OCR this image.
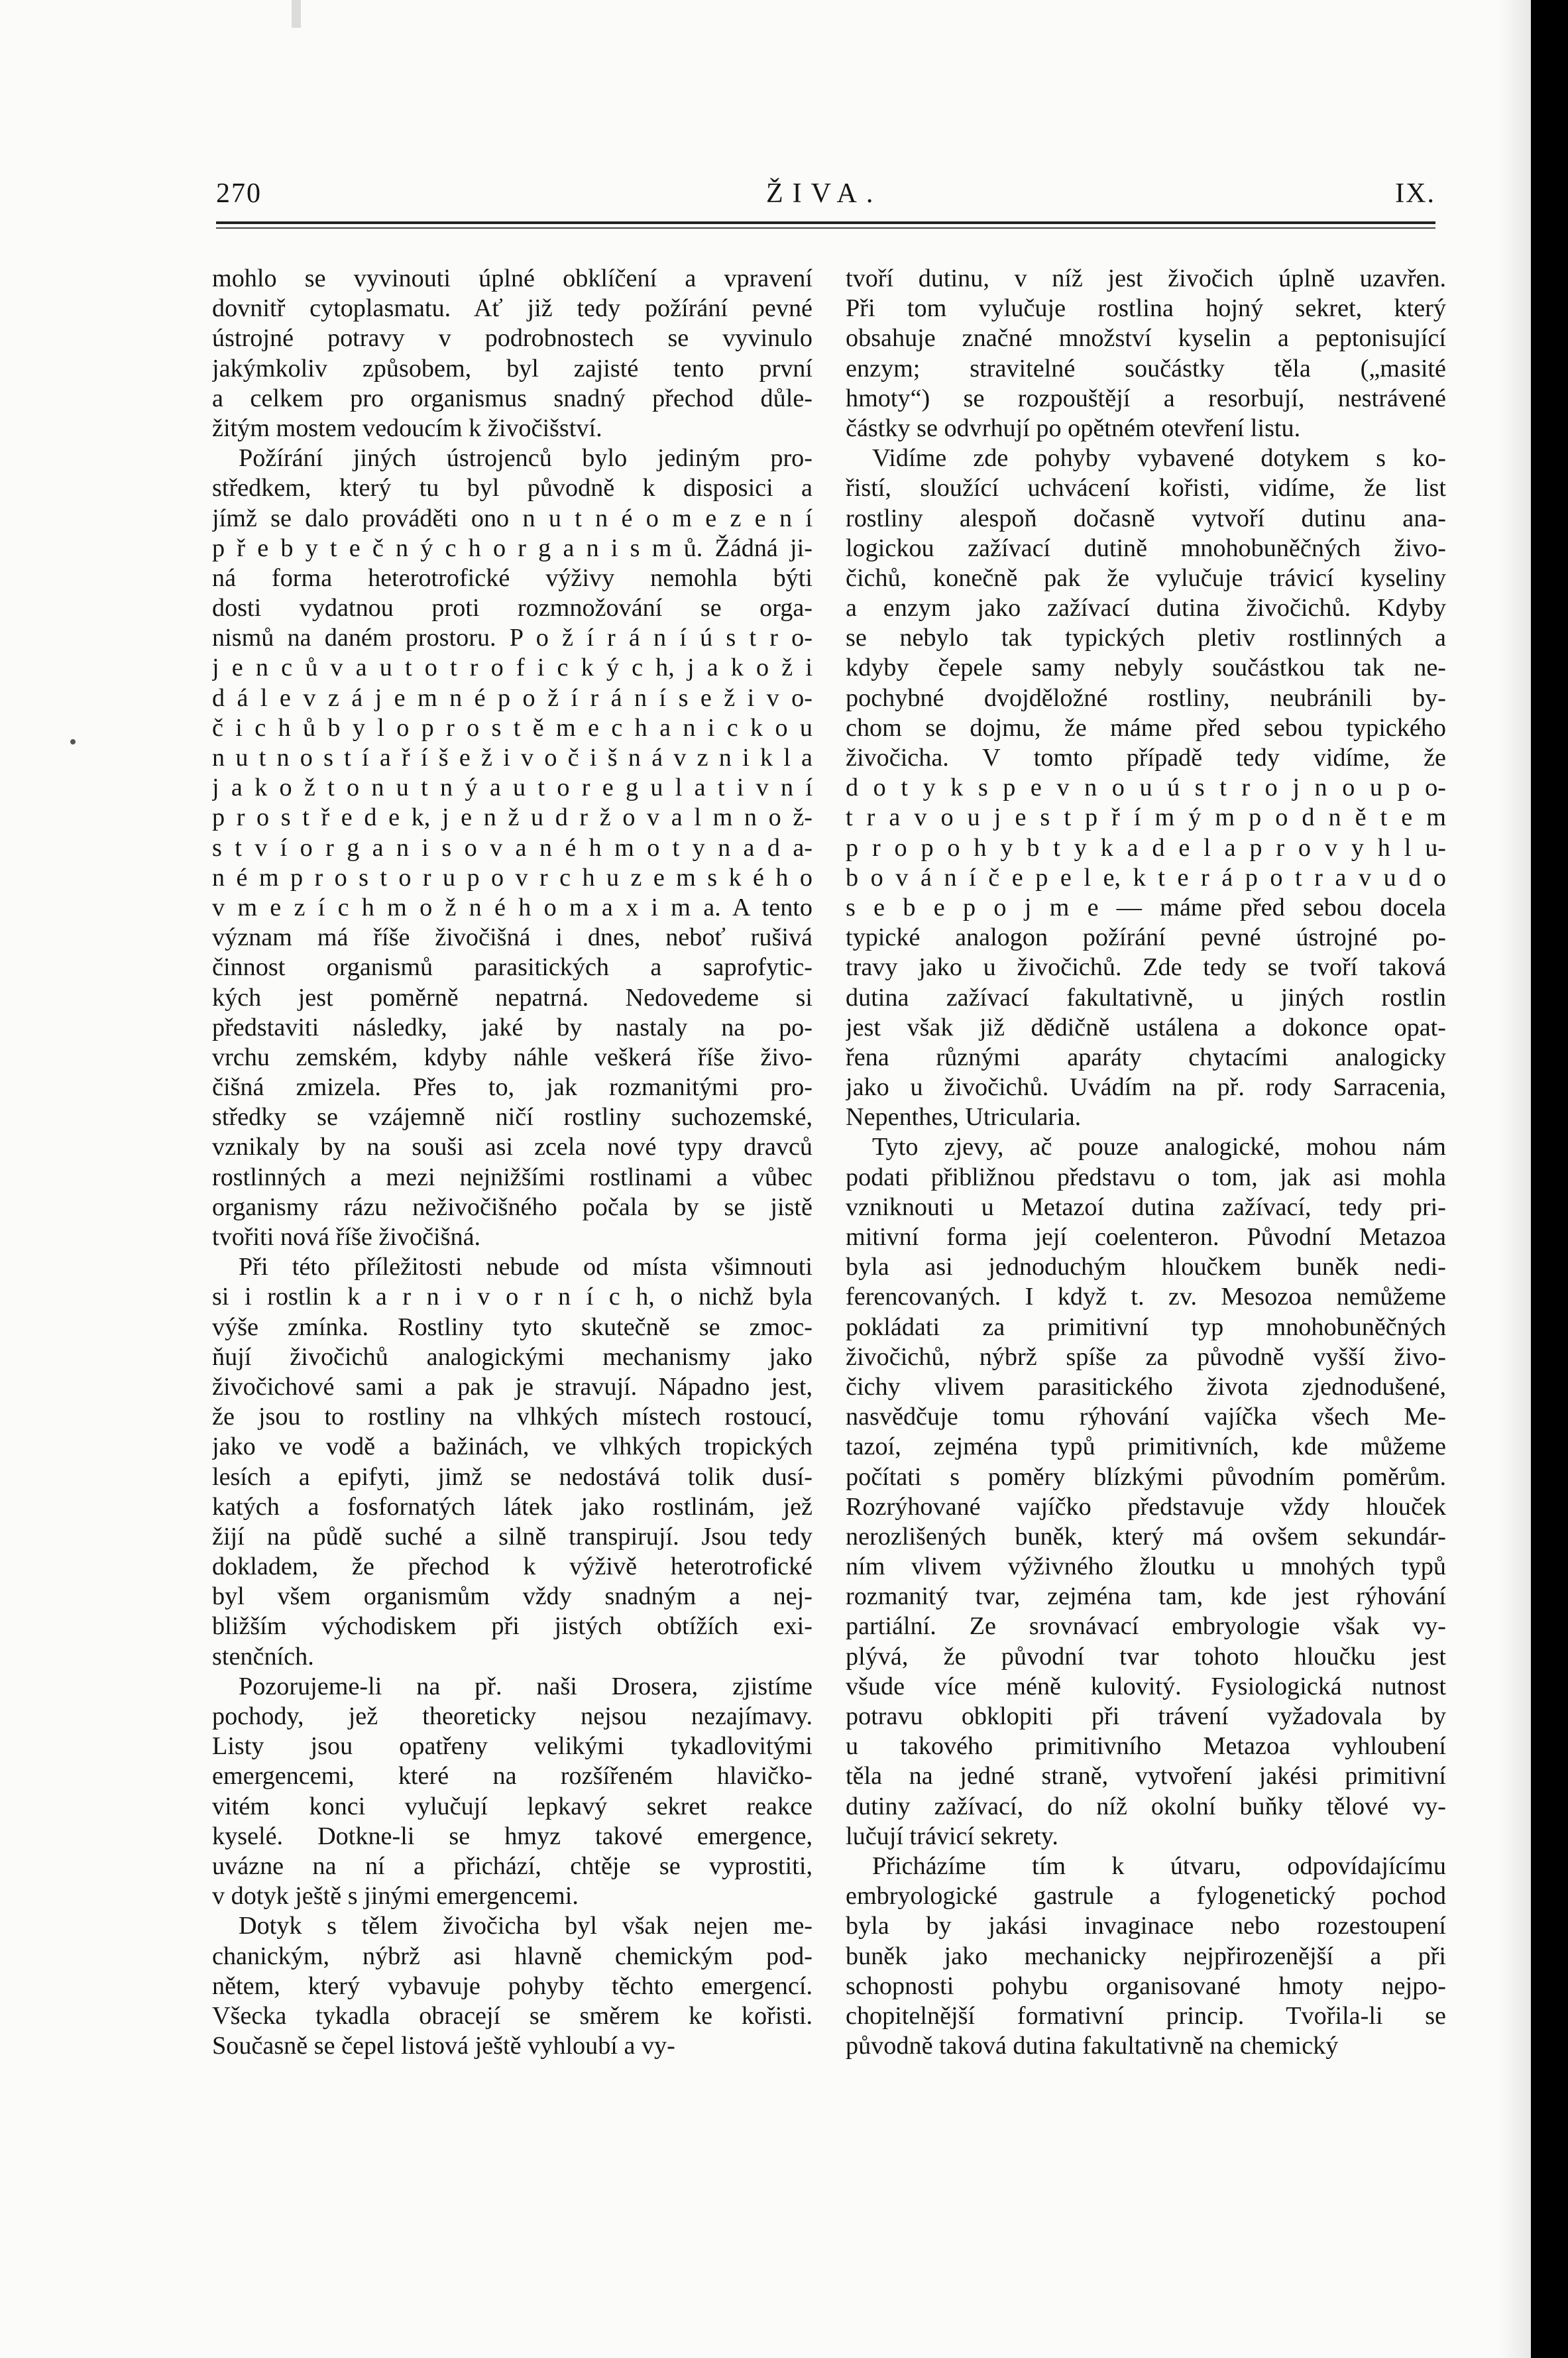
270	ŽIVA.	IX.
mohlo se vyvinouti úplné obklíčení a vpravení
dovnitř cytoplasmatu. Ať již tedy požírání pevné
ústrojné potravy v podrobnostech se vyvinulo
jakýmkoliv způsobem, byl zajisté tento první
a celkem pro organismus snadný přechod důle-
žitým mostem vedoucím k živočišství.
Požírání jiných ústrojenců bylo jediným pro-
středkem, který tu byl původně k disposici a
jímž se dalo prováděti ono n u t n é o m e z e n í
p ř e b y t e č n ý c h o r g a n i s m ů. Žádná ji-
ná forma heterotrofické výživy nemohla býti
dosti vydatnou proti rozmnožování se orga-
nismů na daném prostoru. P o ž í r á n í ú s t r o-
j e n c ů v a u t o t r o f i c k ý c h, j a k o ž i
d á l e v z á j e m n é p o ž í r á n í s e ž i v o-
č i c h ů b y l o p r o s t ě m e c h a n i c k o u
n u t n o s t í a ř í š e ž i v o č i š n á v z n i k l a
j a k o ž t o n u t n ý a u t o r e g u l a t i v n í
p r o s t ř e d e k, j e n ž u d r ž o v a l m n o ž-
s t v í o r g a n i s o v a n é h m o t y n a d a-
n é m p r o s t o r u p o v r c h u z e m s k é h o
v m e z í c h m o ž n é h o m a x i m a. A tento
význam má říše živočišná i dnes, neboť rušivá
činnost organismů parasitických a saprofytic-
kých jest poměrně nepatrná. Nedovedeme si
představiti následky, jaké by nastaly na po-
vrchu zemském, kdyby náhle veškerá říše živo-
čišná zmizela. Přes to, jak rozmanitými pro-
středky se vzájemně ničí rostliny suchozemské,
vznikaly by na souši asi zcela nové typy dravců
rostlinných a mezi nejnižšími rostlinami a vůbec
organismy rázu neživočišného počala by se jistě
tvořiti nová říše živočišná.
Při této příležitosti nebude od místa všimnouti
si i rostlin k a r n i v o r n í c h, o nichž byla
výše zmínka. Rostliny tyto skutečně se zmoc-
ňují živočichů analogickými mechanismy jako
živočichové sami a pak je stravují. Nápadno jest,
že jsou to rostliny na vlhkých místech rostoucí,
jako ve vodě a bažinách, ve vlhkých tropických
lesích a epifyti, jimž se nedostává tolik dusí-
katých a fosfornatých látek jako rostlinám, jež
žijí na půdě suché a silně transpirují. Jsou tedy
dokladem, že přechod k výživě heterotrofické
byl všem organismům vždy snadným a nej-
bližším východiskem při jistých obtížích exi-
stenčních.
Pozorujeme-li na př. naši Drosera, zjistíme
pochody, jež theoreticky nejsou nezajímavy.
Listy jsou opatřeny velikými tykadlovitými
emergencemi, které na rozšířeném hlavičko-
vitém konci vylučují lepkavý sekret reakce
kyselé. Dotkne-li se hmyz takové emergence,
uvázne na ní a přichází, chtěje se vyprostiti,
v dotyk ještě s jinými emergencemi.
Dotyk s tělem živočicha byl však nejen me-
chanickým, nýbrž asi hlavně chemickým pod-
nětem, který vybavuje pohyby těchto emergencí.
Všecka tykadla obracejí se směrem ke kořisti.
Současně se čepel listová ještě vyhloubí a vy-
tvoří dutinu, v níž jest živočich úplně uzavřen.
Při tom vylučuje rostlina hojný sekret, který
obsahuje značné množství kyselin a peptonisující
enzym; stravitelné součástky těla („masité
hmoty“) se rozpouštějí a resorbují, nestrávené
částky se odvrhují po opětném otevření listu.
Vidíme zde pohyby vybavené dotykem s ko-
řistí, sloužící uchvácení kořisti, vidíme, že list
rostliny alespoň dočasně vytvoří dutinu ana-
logickou zažívací dutině mnohobuněčných živo-
čichů, konečně pak že vylučuje trávicí kyseliny
a enzym jako zažívací dutina živočichů. Kdyby
se nebylo tak typických pletiv rostlinných a
kdyby čepele samy nebyly součástkou tak ne-
pochybné dvojděložné rostliny, neubránili by-
chom se dojmu, že máme před sebou typického
živočicha. V tomto případě tedy vidíme, že
d o t y k s p e v n o u ú s t r o j n o u p o-
t r a v o u j e s t p ř í m ý m p o d n ě t e m
p r o p o h y b t y k a d e l a p r o v y h l u-
b o v á n í č e p e l e, k t e r á p o t r a v u d o
s e b e p o j m e — máme před sebou docela
typické analogon požírání pevné ústrojné po-
travy jako u živočichů. Zde tedy se tvoří taková
dutina zažívací fakultativně, u jiných rostlin
jest však již dědičně ustálena a dokonce opat-
řena různými aparáty chytacími analogicky
jako u živočichů. Uvádím na př. rody Sarracenia,
Nepenthes, Utricularia.
Tyto zjevy, ač pouze analogické, mohou nám
podati přibližnou představu o tom, jak asi mohla
vzniknouti u Metazoí dutina zažívací, tedy pri-
mitivní forma její coelenteron. Původní Metazoa
byla asi jednoduchým hloučkem buněk nedi-
ferencovaných. I když t. zv. Mesozoa nemůžeme
pokládati za primitivní typ mnohobuněčných
živočichů, nýbrž spíše za původně vyšší živo-
čichy vlivem parasitického života zjednodušené,
nasvědčuje tomu rýhování vajíčka všech Me-
tazoí, zejména typů primitivních, kde můžeme
počítati s poměry blízkými původním poměrům.
Rozrýhované vajíčko představuje vždy hlouček
nerozlišených buněk, který má ovšem sekundár-
ním vlivem výživného žloutku u mnohých typů
rozmanitý tvar, zejména tam, kde jest rýhování
partiální. Ze srovnávací embryologie však vy-
plývá, že původní tvar tohoto hloučku jest
všude více méně kulovitý. Fysiologická nutnost
potravu obklopiti při trávení vyžadovala by
u takového primitivního Metazoa vyhloubení
těla na jedné straně, vytvoření jakési primitivní
dutiny zažívací, do níž okolní buňky tělové vy-
lučují trávicí sekrety.
Přicházíme tím k útvaru, odpovídajícímu
embryologické gastrule a fylogenetický pochod
byla by jakási invaginace nebo rozestoupení
buněk jako mechanicky nejpřirozenější a při
schopnosti pohybu organisované hmoty nejpo-
chopitelnější formativní princip. Tvořila-li se
původně taková dutina fakultativně na chemický
